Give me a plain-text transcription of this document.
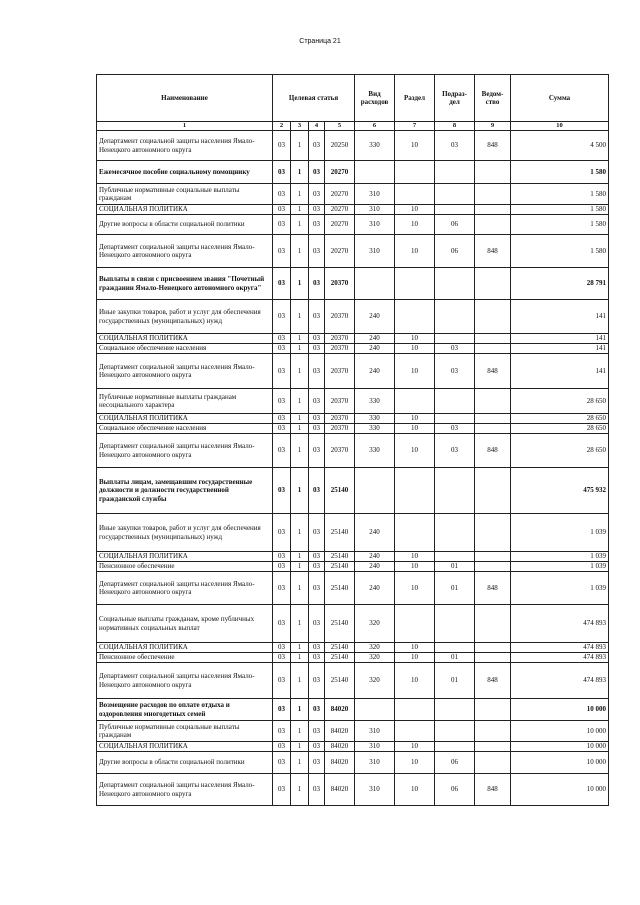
Страница 21
Наименование	Целевая статья				Вид расходов	Раздел	Подраз-дел	Ведом-ство	Сумма
1	2	3	4	5	6	7	8	9	10
Департамент социальной защиты населения Ямало-Ненецкого автономного округа	03	1	03	20250	330	10	03	848	4 500
Ежемесячное пособие социальному помощнику	03	1	03	20270					1 580
Публичные нормативные социальные выплаты гражданам	03	1	03	20270	310				1 580
СОЦИАЛЬНАЯ ПОЛИТИКА	03	1	03	20270	310	10			1 580
Другие вопросы в области социальной политики	03	1	03	20270	310	10	06		1 580
Департамент социальной защиты населения Ямало-Ненецкого автономного округа	03	1	03	20270	310	10	06	848	1 580
Выплаты в связи с присвоением звания "Почетный гражданин Ямало-Ненецкого автономного округа"	03	1	03	20370					28 791
Иные закупки товаров, работ и услуг для обеспечения государственных (муниципальных) нужд	03	1	03	20370	240				141
СОЦИАЛЬНАЯ ПОЛИТИКА	03	1	03	20370	240	10			141
Социальное обеспечение населения	03	1	03	20370	240	10	03		141
Департамент социальной защиты населения Ямало-Ненецкого автономного округа	03	1	03	20370	240	10	03	848	141
Публичные нормативные выплаты гражданам несоциального характера	03	1	03	20370	330				28 650
СОЦИАЛЬНАЯ ПОЛИТИКА	03	1	03	20370	330	10			28 650
Социальное обеспечение населения	03	1	03	20370	330	10	03		28 650
Департамент социальной защиты населения Ямало-Ненецкого автономного округа	03	1	03	20370	330	10	03	848	28 650
Выплаты лицам, замещавшим государственные должности и должности государственной гражданской службы	03	1	03	25140					475 932
Иные закупки товаров, работ и услуг для обеспечения государственных (муниципальных) нужд	03	1	03	25140	240				1 039
СОЦИАЛЬНАЯ ПОЛИТИКА	03	1	03	25140	240	10			1 039
Пенсионное обеспечение	03	1	03	25140	240	10	01		1 039
Департамент социальной защиты населения Ямало-Ненецкого автономного округа	03	1	03	25140	240	10	01	848	1 039
Социальные выплаты гражданам, кроме публичных нормативных социальных выплат	03	1	03	25140	320				474 893
СОЦИАЛЬНАЯ ПОЛИТИКА	03	1	03	25140	320	10			474 893
Пенсионное обеспечение	03	1	03	25140	320	10	01		474 893
Департамент социальной защиты населения Ямало-Ненецкого автономного округа	03	1	03	25140	320	10	01	848	474 893
Возмещение расходов по оплате отдыха и оздоровления многодетных семей	03	1	03	84020					10 000
Публичные нормативные социальные выплаты гражданам	03	1	03	84020	310				10 000
СОЦИАЛЬНАЯ ПОЛИТИКА	03	1	03	84020	310	10			10 000
Другие вопросы в области социальной политики	03	1	03	84020	310	10	06		10 000
Департамент социальной защиты населения Ямало-Ненецкого автономного округа	03	1	03	84020	310	10	06	848	10 000
